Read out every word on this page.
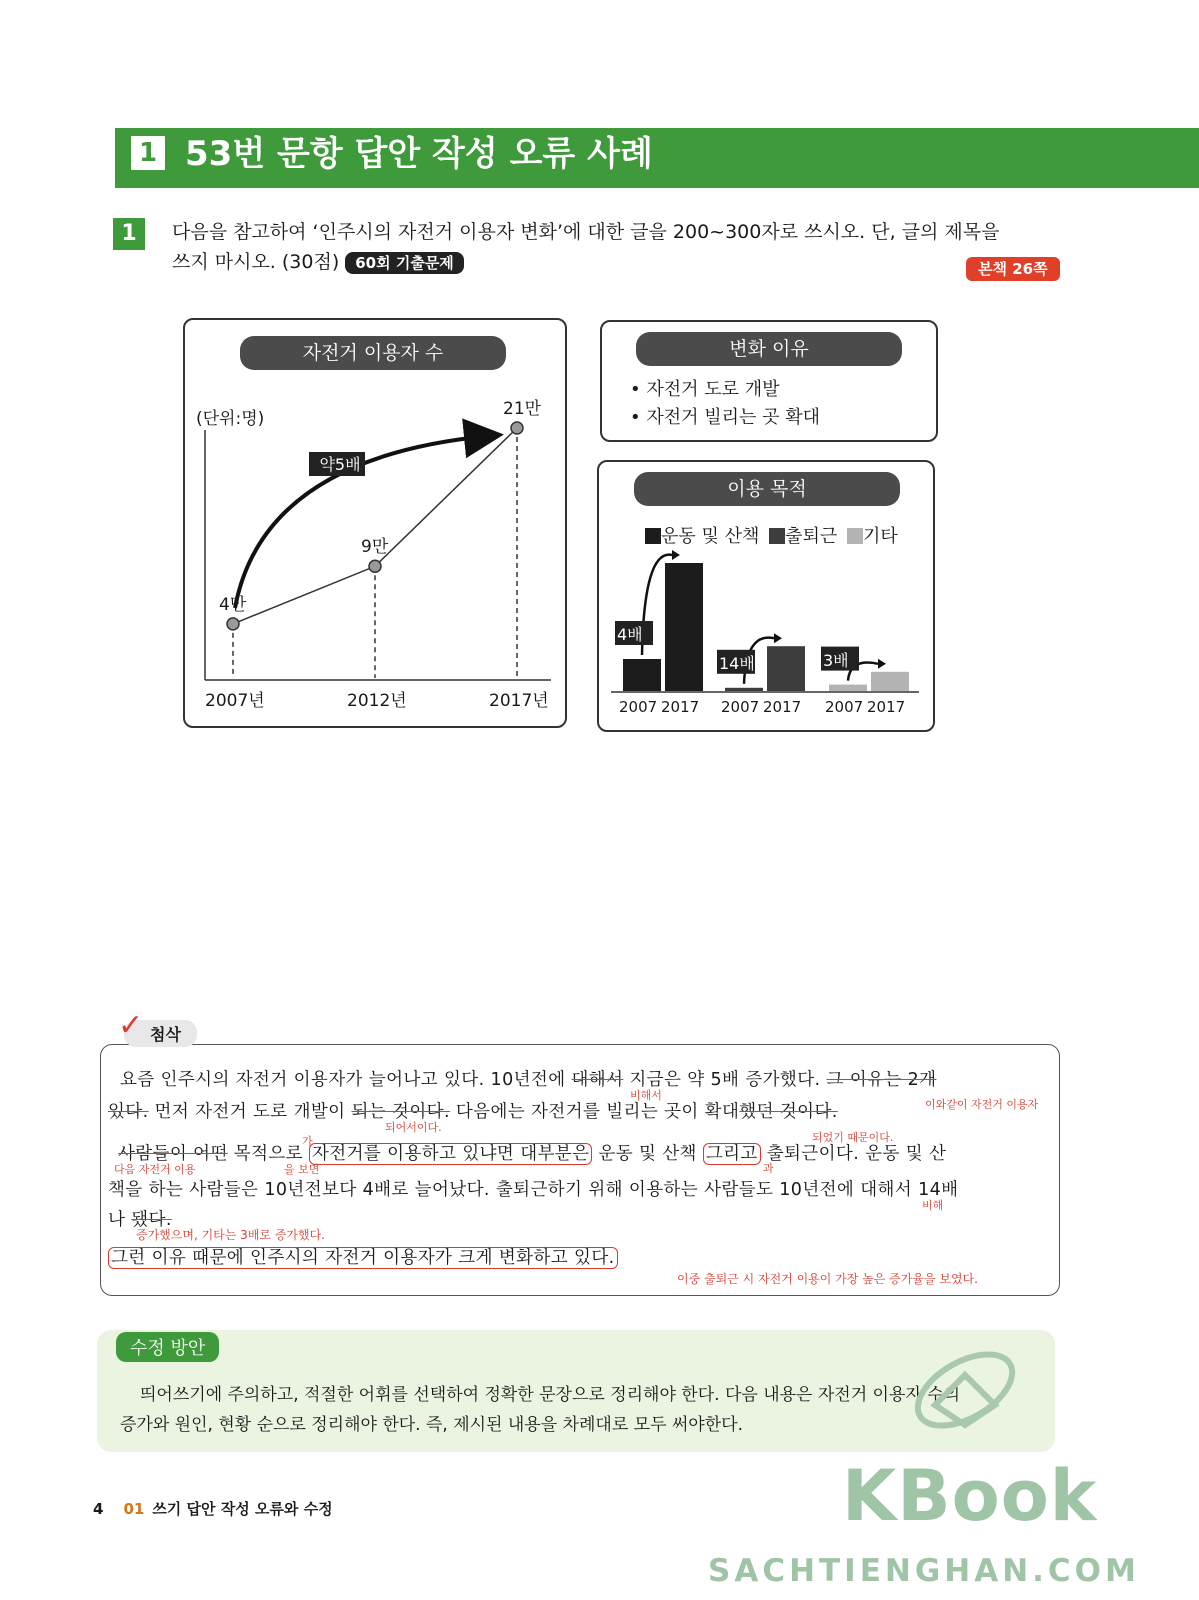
1 53번 문항 답안 작성 오류 사례
1	다음을 참고하여 ‘인주시의 자전거 이용자 변화’에 대한 글을 200~300자로 쓰시오. 단, 글의 제목을
쓰지 마시오. (30점) 60회 기출문제	본책 26쪽
자전거 이용자 수
(단위:명)
약5배
4만
9만
21만
2007년	2012년	2017년
변화 이유
• 자전거 도로 개발
• 자전거 빌리는 곳 확대
이용 목적
운동 및 산책 출퇴근 기타
2007 2017
4배
2007 2017
14배
2007 2017
3배
첨삭
✓
요즘 인주시의 자전거 이용자가 늘어나고 있다. 10년전에 대해서 지금은 약 5배 증가했다. 그 이유는 2개
비해서
이와같이 자전거 이용자
있다. 먼저 자전거 도로 개발이 되는 것이다. 다음에는 자전거를 빌리는 곳이 확대했던 것이다.
되어서이다.
되었기 때문이다.
사람들이 어떤 목적으로 자전거를 이용하고 있냐면 대부분은 운동 및 산책 그리고 출퇴근이다. 운동 및 산
다음 자전거 이용
가
을 보면	과
책을 하는 사람들은 10년전보다 4배로 늘어났다. 출퇴근하기 위해 이용하는 사람들도 10년전에 대해서 14배
비해
나 됐다.
증가했으며, 기타는 3배로 증가했다.
그런 이유 때문에 인주시의 자전거 이용자가 크게 변화하고 있다.
이중 출퇴근 시 자전거 이용이 가장 높은 증가율을 보였다.
수정 방안
띄어쓰기에 주의하고, 적절한 어휘를 선택하여 정확한 문장으로 정리해야 한다. 다음 내용은 자전거 이용자 수의
증가와 원인, 현황 순으로 정리해야 한다. 즉, 제시된 내용을 차례대로 모두 써야한다.
4 01 쓰기 답안 작성 오류와 수정	KBook
SACHTIENGHAN.COM
